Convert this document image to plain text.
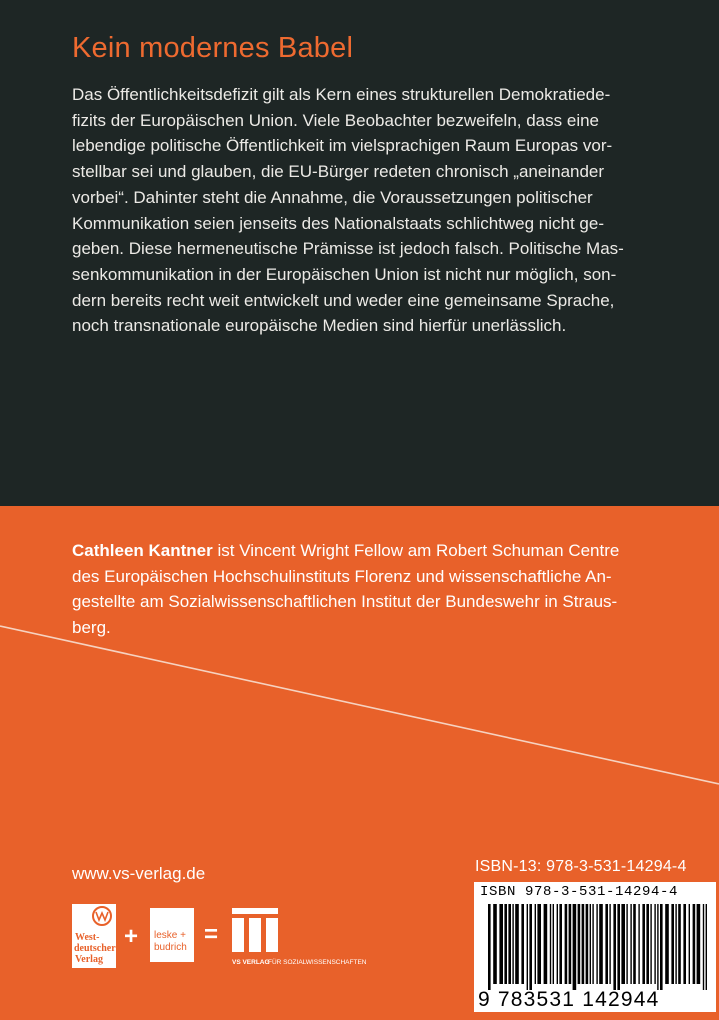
Kein modernes Babel
Das Öffentlichkeitsdefizit gilt als Kern eines strukturellen Demokratiede-
fizits der Europäischen Union. Viele Beobachter bezweifeln, dass eine
lebendige politische Öffentlichkeit im vielsprachigen Raum Europas vor-
stellbar sei und glauben, die EU-Bürger redeten chronisch „aneinander
vorbei“. Dahinter steht die Annahme, die Voraussetzungen politischer
Kommunikation seien jenseits des Nationalstaats schlichtweg nicht ge-
geben. Diese hermeneutische Prämisse ist jedoch falsch. Politische Mas-
senkommunikation in der Europäischen Union ist nicht nur möglich, son-
dern bereits recht weit entwickelt und weder eine gemeinsame Sprache,
noch transnationale europäische Medien sind hierfür unerlässlich.
Cathleen Kantner ist Vincent Wright Fellow am Robert Schuman Centre
des Europäischen Hochschulinstituts Florenz und wissenschaftliche An-
gestellte am Sozialwissenschaftlichen Institut der Bundeswehr in Straus-
berg.
www.vs-verlag.de
West-
deutscher
Verlag
+ leske +
budrich =
VS VERLAG
FÜR SOZIALWISSENSCHAFTEN
ISBN-13: 978-3-531-14294-4
ISBN 978-3-531-14294-4
9 783531 142944
